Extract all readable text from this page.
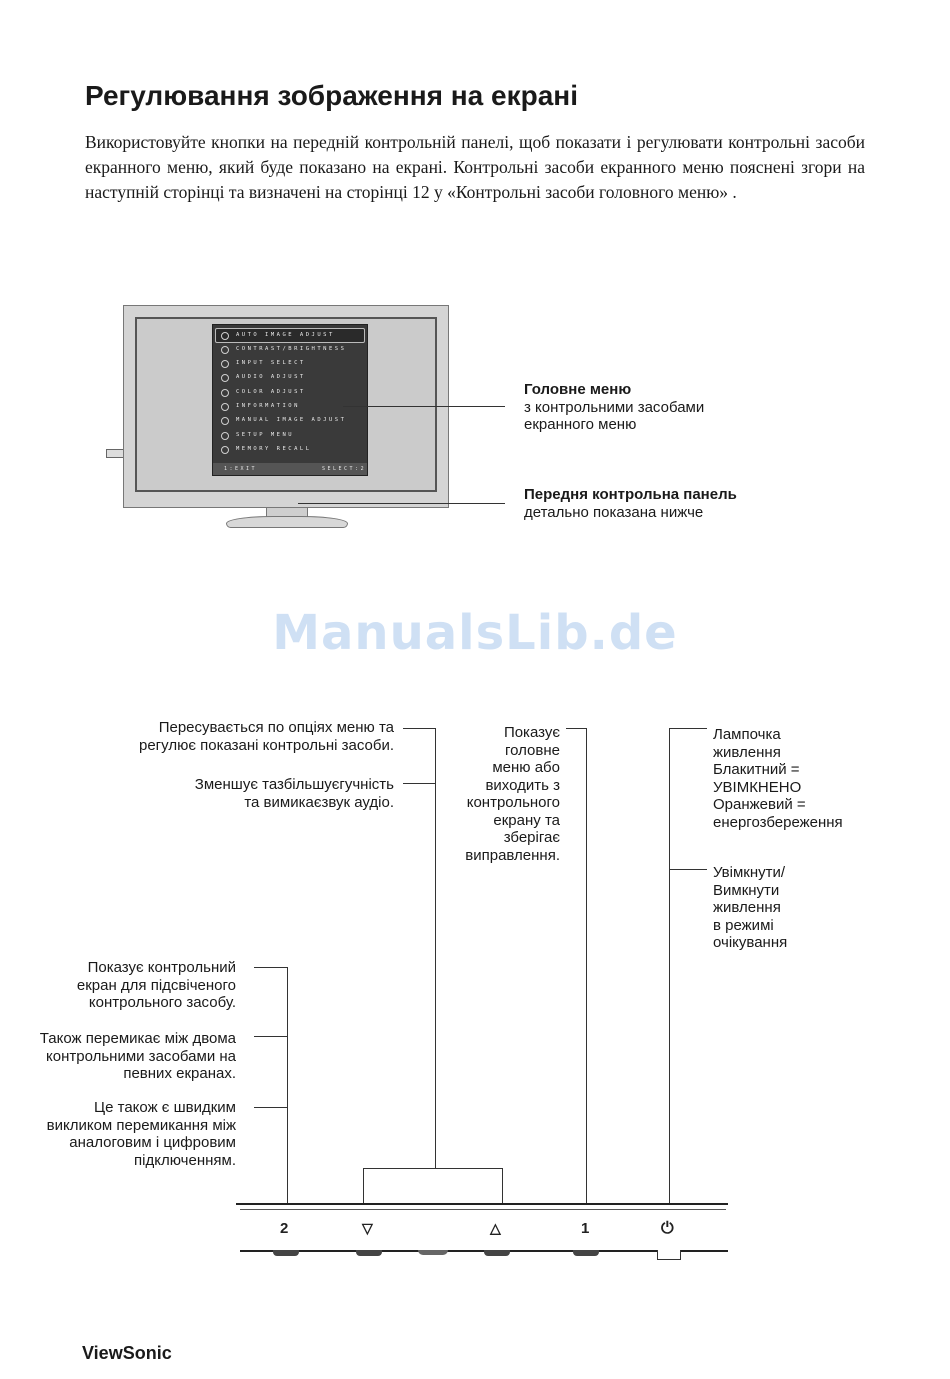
Регулювання зображення на екрані

Використовуйте кнопки на передній контрольній панелі, щоб показати і регулювати контрольні засоби екранного меню, який буде показано на екрані. Контрольні засоби екранного меню пояснені згори на наступній сторінці та визначені на сторінці 12 у «Контрольні засоби головного меню» .

AUTO IMAGE ADJUST
CONTRAST/BRIGHTNESS
INPUT SELECT
AUDIO ADJUST
COLOR ADJUST
INFORMATION
MANUAL IMAGE ADJUST
SETUP MENU
MEMORY RECALL
1:EXIT	SELECT:2
Головне меню
з контрольними засобами
екранного меню
Передня контрольна панель
детально показана нижче
ManualsLib.de
Пересувається по опціях меню та
регулює показані контрольні засоби.
Зменшує тазбільшуєгучність
та вимикаєзвук аудіо.
Показує
головне
меню або
виходить з
контрольного
екрану та
зберігає
виправлення.
Лампочка
живлення
Блакитний =
УВІМКНЕНО
Оранжевий =
енергозбереження
Увімкнути/
Вимкнути
живлення
в режимі
очікування
Показує контрольний
екран для підсвіченого
контрольного засобу.
Також перемикає між двома
контрольними засобами на
певних екранах.
Це також є швидким
викликом перемикання між
аналоговим і цифровим
підключенням.
2	▽	△	1	⏻
ViewSonic
